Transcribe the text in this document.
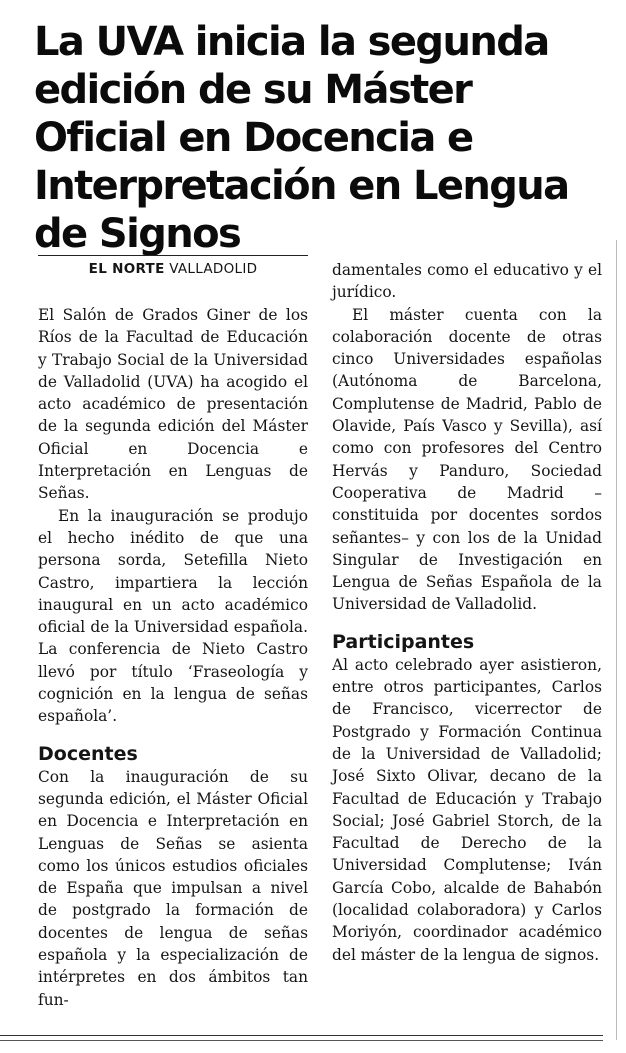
La UVA inicia la segunda edición de su Máster Oficial en Docencia e Interpretación en Lengua de Signos
EL NORTE VALLADOLID

El Salón de Grados Giner de los Ríos de la Facultad de Educación y Trabajo Social de la Universidad de Valladolid (UVA) ha acogido el acto académico de presentación de la segunda edición del Máster Oficial en Docencia e Interpretación en Lenguas de Señas.

En la inauguración se produjo el hecho inédito de que una persona sorda, Setefilla Nieto Castro, impartiera la lección inaugural en un acto académico oficial de la Universidad española. La conferencia de Nieto Castro llevó por título ‘Fraseología y cognición en la lengua de señas española’.

Docentes

Con la inauguración de su segunda edición, el Máster Oficial en Docencia e Interpretación en Lenguas de Señas se asienta como los únicos estudios oficiales de España que impulsan a nivel de postgrado la formación de docentes de lengua de señas española y la especialización de intérpretes en dos ámbitos tan fun-

damentales como el educativo y el jurídico.

El máster cuenta con la colaboración docente de otras cinco Universidades españolas (Autónoma de Barcelona, Complutense de Madrid, Pablo de Olavide, País Vasco y Sevilla), así como con profesores del Centro Hervás y Panduro, Sociedad Cooperativa de Madrid –constituida por docentes sordos señantes– y con los de la Unidad Singular de Investigación en Lengua de Señas Española de la Universidad de Valladolid.

Participantes

Al acto celebrado ayer asistieron, entre otros participantes, Carlos de Francisco, vicerrector de Postgrado y Formación Continua de la Universidad de Valladolid; José Sixto Olivar, decano de la Facultad de Educación y Trabajo Social; José Gabriel Storch, de la Facultad de Derecho de la Universidad Complutense; Iván García Cobo, alcalde de Bahabón (localidad colaboradora) y Carlos Moriyón, coordinador académico del máster de la lengua de signos.
